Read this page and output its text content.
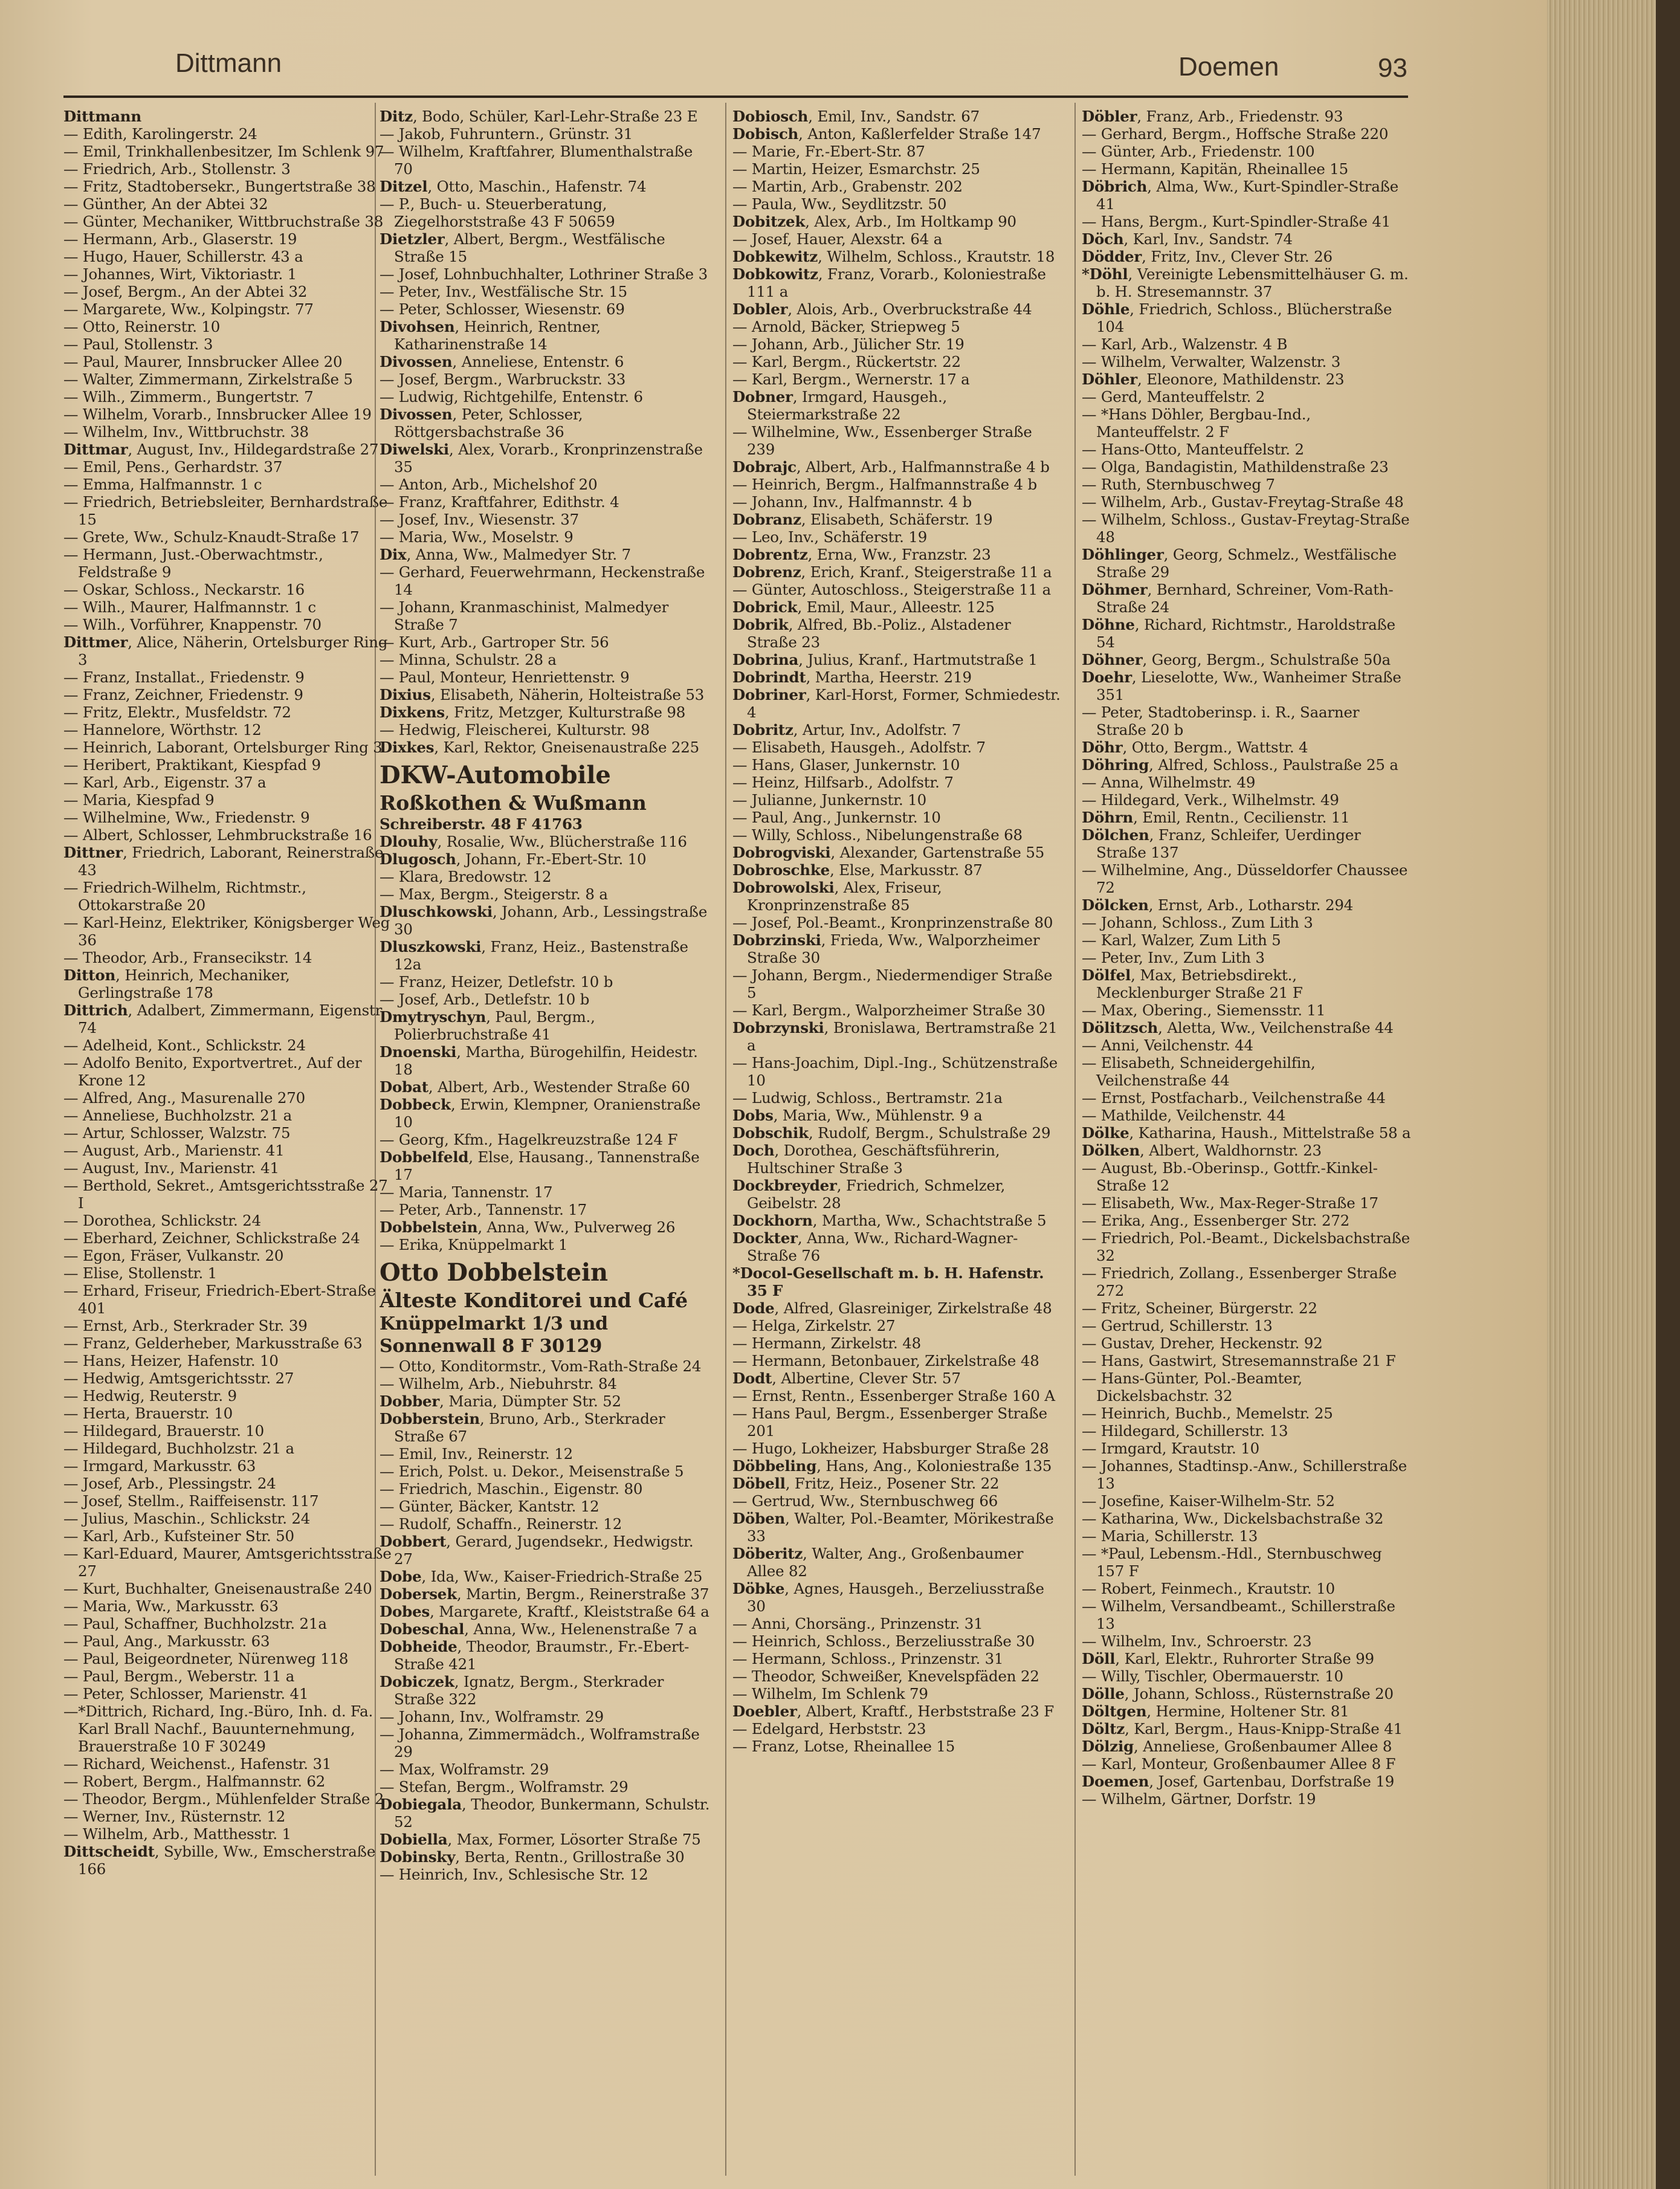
Dittmann	Doemen	93
Dittmann
— Edith, Karolingerstr. 24
— Emil, Trinkhallenbesitzer, Im Schlenk 97
— Friedrich, Arb., Stollenstr. 3
— Fritz, Stadtobersekr., Bungertstraße 38
— Günther, An der Abtei 32
— Günter, Mechaniker, Wittbruchstraße 38
— Hermann, Arb., Glaserstr. 19
— Hugo, Hauer, Schillerstr. 43 a
— Johannes, Wirt, Viktoriastr. 1
— Josef, Bergm., An der Abtei 32
— Margarete, Ww., Kolpingstr. 77
— Otto, Reinerstr. 10
— Paul, Stollenstr. 3
— Paul, Maurer, Innsbrucker Allee 20
— Walter, Zimmermann, Zirkelstraße 5
— Wilh., Zimmerm., Bungertstr. 7
— Wilhelm, Vorarb., Innsbrucker Allee 19
— Wilhelm, Inv., Wittbruchstr. 38
Dittmar, August, Inv., Hildegardstraße 27
— Emil, Pens., Gerhardstr. 37
— Emma, Halfmannstr. 1 c
— Friedrich, Betriebsleiter, Bernhardstraße 15
— Grete, Ww., Schulz-Knaudt-Straße 17
— Hermann, Just.-Oberwachtmstr., Feldstraße 9
— Oskar, Schloss., Neckarstr. 16
— Wilh., Maurer, Halfmannstr. 1 c
— Wilh., Vorführer, Knappenstr. 70
Dittmer, Alice, Näherin, Ortelsburger Ring 3
— Franz, Installat., Friedenstr. 9
— Franz, Zeichner, Friedenstr. 9
— Fritz, Elektr., Musfeldstr. 72
— Hannelore, Wörthstr. 12
— Heinrich, Laborant, Ortelsburger Ring 3
— Heribert, Praktikant, Kiespfad 9
— Karl, Arb., Eigenstr. 37 a
— Maria, Kiespfad 9
— Wilhelmine, Ww., Friedenstr. 9
— Albert, Schlosser, Lehmbruckstraße 16
Dittner, Friedrich, Laborant, Reinerstraße 43
— Friedrich-Wilhelm, Richtmstr., Ottokarstraße 20
— Karl-Heinz, Elektriker, Königsberger Weg 36
— Theodor, Arb., Fransecikstr. 14
Ditton, Heinrich, Mechaniker, Gerlingstraße 178
Dittrich, Adalbert, Zimmermann, Eigenstr. 74
— Adelheid, Kont., Schlickstr. 24
— Adolfo Benito, Exportvertret., Auf der Krone 12
— Alfred, Ang., Masurenalle 270
— Anneliese, Buchholzstr. 21 a
— Artur, Schlosser, Walzstr. 75
— August, Arb., Marienstr. 41
— August, Inv., Marienstr. 41
— Berthold, Sekret., Amtsgerichtsstraße 27 I
— Dorothea, Schlickstr. 24
— Eberhard, Zeichner, Schlickstraße 24
— Egon, Fräser, Vulkanstr. 20
— Elise, Stollenstr. 1
— Erhard, Friseur, Friedrich-Ebert-Straße 401
— Ernst, Arb., Sterkrader Str. 39
— Franz, Gelderheber, Markusstraße 63
— Hans, Heizer, Hafenstr. 10
— Hedwig, Amtsgerichtsstr. 27
— Hedwig, Reuterstr. 9
— Herta, Brauerstr. 10
— Hildegard, Brauerstr. 10
— Hildegard, Buchholzstr. 21 a
— Irmgard, Markusstr. 63
— Josef, Arb., Plessingstr. 24
— Josef, Stellm., Raiffeisenstr. 117
— Julius, Maschin., Schlickstr. 24
— Karl, Arb., Kufsteiner Str. 50
— Karl-Eduard, Maurer, Amtsgerichtsstraße 27
— Kurt, Buchhalter, Gneisenaustraße 240
— Maria, Ww., Markusstr. 63
— Paul, Schaffner, Buchholzstr. 21a
— Paul, Ang., Markusstr. 63
— Paul, Beigeordneter, Nürenweg 118
— Paul, Bergm., Weberstr. 11 a
— Peter, Schlosser, Marienstr. 41
—*Dittrich, Richard, Ing.-Büro, Inh. d. Fa. Karl Brall Nachf., Bauunternehmung, Brauerstraße 10 F 30249
— Richard, Weichenst., Hafenstr. 31
— Robert, Bergm., Halfmannstr. 62
— Theodor, Bergm., Mühlenfelder Straße 2
— Werner, Inv., Rüsternstr. 12
— Wilhelm, Arb., Matthesstr. 1
Dittscheidt, Sybille, Ww., Emscherstraße 166
Ditz, Bodo, Schüler, Karl-Lehr-Straße 23 E
— Jakob, Fuhruntern., Grünstr. 31
— Wilhelm, Kraftfahrer, Blumenthalstraße 70
Ditzel, Otto, Maschin., Hafenstr. 74
— P., Buch- u. Steuerberatung, Ziegelhorststraße 43 F 50659
Dietzler, Albert, Bergm., Westfälische Straße 15
— Josef, Lohnbuchhalter, Lothriner Straße 3
— Peter, Inv., Westfälische Str. 15
— Peter, Schlosser, Wiesenstr. 69
Divohsen, Heinrich, Rentner, Katharinenstraße 14
Divossen, Anneliese, Entenstr. 6
— Josef, Bergm., Warbruckstr. 33
— Ludwig, Richtgehilfe, Entenstr. 6
Divossen, Peter, Schlosser, Röttgersbachstraße 36
Diwelski, Alex, Vorarb., Kronprinzenstraße 35
— Anton, Arb., Michelshof 20
— Franz, Kraftfahrer, Edithstr. 4
— Josef, Inv., Wiesenstr. 37
— Maria, Ww., Moselstr. 9
Dix, Anna, Ww., Malmedyer Str. 7
— Gerhard, Feuerwehrmann, Heckenstraße 14
— Johann, Kranmaschinist, Malmedyer Straße 7
— Kurt, Arb., Gartroper Str. 56
— Minna, Schulstr. 28 a
— Paul, Monteur, Henriettenstr. 9
Dixius, Elisabeth, Näherin, Holteistraße 53
Dixkens, Fritz, Metzger, Kulturstraße 98
— Hedwig, Fleischerei, Kulturstr. 98
Dixkes, Karl, Rektor, Gneisenaustraße 225
DKW-Automobile
Roßkothen & Wußmann
Schreiberstr. 48 F 41763
Dlouhy, Rosalie, Ww., Blücherstraße 116
Dlugosch, Johann, Fr.-Ebert-Str. 10
— Klara, Bredowstr. 12
— Max, Bergm., Steigerstr. 8 a
Dluschkowski, Johann, Arb., Lessingstraße 30
Dluszkowski, Franz, Heiz., Bastenstraße 12a
— Franz, Heizer, Detlefstr. 10 b
— Josef, Arb., Detlefstr. 10 b
Dmytryschyn, Paul, Bergm., Polierbruchstraße 41
Dnoenski, Martha, Bürogehilfin, Heidestr. 18
Dobat, Albert, Arb., Westender Straße 60
Dobbeck, Erwin, Klempner, Oranienstraße 10
— Georg, Kfm., Hagelkreuzstraße 124 F
Dobbelfeld, Else, Hausang., Tannenstraße 17
— Maria, Tannenstr. 17
— Peter, Arb., Tannenstr. 17
Dobbelstein, Anna, Ww., Pulverweg 26
— Erika, Knüppelmarkt 1
Otto Dobbelstein
Älteste Konditorei und Café
Knüppelmarkt 1/3 und Sonnenwall 8 F 30129
— Otto, Konditormstr., Vom-Rath-Straße 24
— Wilhelm, Arb., Niebuhrstr. 84
Dobber, Maria, Dümpter Str. 52
Dobberstein, Bruno, Arb., Sterkrader Straße 67
— Emil, Inv., Reinerstr. 12
— Erich, Polst. u. Dekor., Meisenstraße 5
— Friedrich, Maschin., Eigenstr. 80
— Günter, Bäcker, Kantstr. 12
— Rudolf, Schaffn., Reinerstr. 12
Dobbert, Gerard, Jugendsekr., Hedwigstr. 27
Dobe, Ida, Ww., Kaiser-Friedrich-Straße 25
Dobersek, Martin, Bergm., Reinerstraße 37
Dobes, Margarete, Kraftf., Kleiststraße 64 a
Dobeschal, Anna, Ww., Helenenstraße 7 a
Dobheide, Theodor, Braumstr., Fr.-Ebert-Straße 421
Dobiczek, Ignatz, Bergm., Sterkrader Straße 322
— Johann, Inv., Wolframstr. 29
— Johanna, Zimmermädch., Wolframstraße 29
— Max, Wolframstr. 29
— Stefan, Bergm., Wolframstr. 29
Dobiegala, Theodor, Bunkermann, Schulstr. 52
Dobiella, Max, Former, Lösorter Straße 75
Dobinsky, Berta, Rentn., Grillostraße 30
— Heinrich, Inv., Schlesische Str. 12
Dobiosch, Emil, Inv., Sandstr. 67
Dobisch, Anton, Kaßlerfelder Straße 147
— Marie, Fr.-Ebert-Str. 87
— Martin, Heizer, Esmarchstr. 25
— Martin, Arb., Grabenstr. 202
— Paula, Ww., Seydlitzstr. 50
Dobitzek, Alex, Arb., Im Holtkamp 90
— Josef, Hauer, Alexstr. 64 a
Dobkewitz, Wilhelm, Schloss., Krautstr. 18
Dobkowitz, Franz, Vorarb., Koloniestraße 111 a
Dobler, Alois, Arb., Overbruckstraße 44
— Arnold, Bäcker, Striepweg 5
— Johann, Arb., Jülicher Str. 19
— Karl, Bergm., Rückertstr. 22
— Karl, Bergm., Wernerstr. 17 a
Dobner, Irmgard, Hausgeh., Steiermarkstraße 22
— Wilhelmine, Ww., Essenberger Straße 239
Dobrajc, Albert, Arb., Halfmannstraße 4 b
— Heinrich, Bergm., Halfmannstraße 4 b
— Johann, Inv., Halfmannstr. 4 b
Dobranz, Elisabeth, Schäferstr. 19
— Leo, Inv., Schäferstr. 19
Dobrentz, Erna, Ww., Franzstr. 23
Dobrenz, Erich, Kranf., Steigerstraße 11 a
— Günter, Autoschloss., Steigerstraße 11 a
Dobrick, Emil, Maur., Alleestr. 125
Dobrik, Alfred, Bb.-Poliz., Alstadener Straße 23
Dobrina, Julius, Kranf., Hartmutstraße 1
Dobrindt, Martha, Heerstr. 219
Dobriner, Karl-Horst, Former, Schmiedestr. 4
Dobritz, Artur, Inv., Adolfstr. 7
— Elisabeth, Hausgeh., Adolfstr. 7
— Hans, Glaser, Junkernstr. 10
— Heinz, Hilfsarb., Adolfstr. 7
— Julianne, Junkernstr. 10
— Paul, Ang., Junkernstr. 10
— Willy, Schloss., Nibelungenstraße 68
Dobrogviski, Alexander, Gartenstraße 55
Dobroschke, Else, Markusstr. 87
Dobrowolski, Alex, Friseur, Kronprinzenstraße 85
— Josef, Pol.-Beamt., Kronprinzenstraße 80
Dobrzinski, Frieda, Ww., Walporzheimer Straße 30
— Johann, Bergm., Niedermendiger Straße 5
— Karl, Bergm., Walporzheimer Straße 30
Dobrzynski, Bronislawa, Bertramstraße 21 a
— Hans-Joachim, Dipl.-Ing., Schützenstraße 10
— Ludwig, Schloss., Bertramstr. 21a
Dobs, Maria, Ww., Mühlenstr. 9 a
Dobschik, Rudolf, Bergm., Schulstraße 29
Doch, Dorothea, Geschäftsführerin, Hultschiner Straße 3
Dockbreyder, Friedrich, Schmelzer, Geibelstr. 28
Dockhorn, Martha, Ww., Schachtstraße 5
Dockter, Anna, Ww., Richard-Wagner-Straße 76
*Docol-Gesellschaft m. b. H. Hafenstr. 35 F
Dode, Alfred, Glasreiniger, Zirkelstraße 48
— Helga, Zirkelstr. 27
— Hermann, Zirkelstr. 48
— Hermann, Betonbauer, Zirkelstraße 48
Dodt, Albertine, Clever Str. 57
— Ernst, Rentn., Essenberger Straße 160 A
— Hans Paul, Bergm., Essenberger Straße 201
— Hugo, Lokheizer, Habsburger Straße 28
Döbbeling, Hans, Ang., Koloniestraße 135
Döbell, Fritz, Heiz., Posener Str. 22
— Gertrud, Ww., Sternbuschweg 66
Döben, Walter, Pol.-Beamter, Mörikestraße 33
Döberitz, Walter, Ang., Großenbaumer Allee 82
Döbke, Agnes, Hausgeh., Berzeliusstraße 30
— Anni, Chorsäng., Prinzenstr. 31
— Heinrich, Schloss., Berzeliusstraße 30
— Hermann, Schloss., Prinzenstr. 31
— Theodor, Schweißer, Knevelspfäden 22
— Wilhelm, Im Schlenk 79
Doebler, Albert, Kraftf., Herbststraße 23 F
— Edelgard, Herbststr. 23
— Franz, Lotse, Rheinallee 15
Döbler, Franz, Arb., Friedenstr. 93
— Gerhard, Bergm., Hoffsche Straße 220
— Günter, Arb., Friedenstr. 100
— Hermann, Kapitän, Rheinallee 15
Döbrich, Alma, Ww., Kurt-Spindler-Straße 41
— Hans, Bergm., Kurt-Spindler-Straße 41
Döch, Karl, Inv., Sandstr. 74
Dödder, Fritz, Inv., Clever Str. 26
*Döhl, Vereinigte Lebensmittelhäuser G. m. b. H. Stresemannstr. 37
Döhle, Friedrich, Schloss., Blücherstraße 104
— Karl, Arb., Walzenstr. 4 B
— Wilhelm, Verwalter, Walzenstr. 3
Döhler, Eleonore, Mathildenstr. 23
— Gerd, Manteuffelstr. 2
— *Hans Döhler, Bergbau-Ind., Manteuffelstr. 2 F
— Hans-Otto, Manteuffelstr. 2
— Olga, Bandagistin, Mathildenstraße 23
— Ruth, Sternbuschweg 7
— Wilhelm, Arb., Gustav-Freytag-Straße 48
— Wilhelm, Schloss., Gustav-Freytag-Straße 48
Döhlinger, Georg, Schmelz., Westfälische Straße 29
Döhmer, Bernhard, Schreiner, Vom-Rath-Straße 24
Döhne, Richard, Richtmstr., Haroldstraße 54
Döhner, Georg, Bergm., Schulstraße 50a
Doehr, Lieselotte, Ww., Wanheimer Straße 351
— Peter, Stadtoberinsp. i. R., Saarner Straße 20 b
Döhr, Otto, Bergm., Wattstr. 4
Döhring, Alfred, Schloss., Paulstraße 25 a
— Anna, Wilhelmstr. 49
— Hildegard, Verk., Wilhelmstr. 49
Döhrn, Emil, Rentn., Cecilienstr. 11
Dölchen, Franz, Schleifer, Uerdinger Straße 137
— Wilhelmine, Ang., Düsseldorfer Chaussee 72
Dölcken, Ernst, Arb., Lotharstr. 294
— Johann, Schloss., Zum Lith 3
— Karl, Walzer, Zum Lith 5
— Peter, Inv., Zum Lith 3
Dölfel, Max, Betriebsdirekt., Mecklenburger Straße 21 F
— Max, Obering., Siemensstr. 11
Dölitzsch, Aletta, Ww., Veilchenstraße 44
— Anni, Veilchenstr. 44
— Elisabeth, Schneidergehilfin, Veilchenstraße 44
— Ernst, Postfacharb., Veilchenstraße 44
— Mathilde, Veilchenstr. 44
Dölke, Katharina, Haush., Mittelstraße 58 a
Dölken, Albert, Waldhornstr. 23
— August, Bb.-Oberinsp., Gottfr.-Kinkel-Straße 12
— Elisabeth, Ww., Max-Reger-Straße 17
— Erika, Ang., Essenberger Str. 272
— Friedrich, Pol.-Beamt., Dickelsbachstraße 32
— Friedrich, Zollang., Essenberger Straße 272
— Fritz, Scheiner, Bürgerstr. 22
— Gertrud, Schillerstr. 13
— Gustav, Dreher, Heckenstr. 92
— Hans, Gastwirt, Stresemannstraße 21 F
— Hans-Günter, Pol.-Beamter, Dickelsbachstr. 32
— Heinrich, Buchb., Memelstr. 25
— Hildegard, Schillerstr. 13
— Irmgard, Krautstr. 10
— Johannes, Stadtinsp.-Anw., Schillerstraße 13
— Josefine, Kaiser-Wilhelm-Str. 52
— Katharina, Ww., Dickelsbachstraße 32
— Maria, Schillerstr. 13
— *Paul, Lebensm.-Hdl., Sternbuschweg 157 F
— Robert, Feinmech., Krautstr. 10
— Wilhelm, Versandbeamt., Schillerstraße 13
— Wilhelm, Inv., Schroerstr. 23
Döll, Karl, Elektr., Ruhrorter Straße 99
— Willy, Tischler, Obermauerstr. 10
Dölle, Johann, Schloss., Rüsternstraße 20
Döltgen, Hermine, Holtener Str. 81
Döltz, Karl, Bergm., Haus-Knipp-Straße 41
Dölzig, Anneliese, Großenbaumer Allee 8
— Karl, Monteur, Großenbaumer Allee 8 F
Doemen, Josef, Gartenbau, Dorfstraße 19
— Wilhelm, Gärtner, Dorfstr. 19
